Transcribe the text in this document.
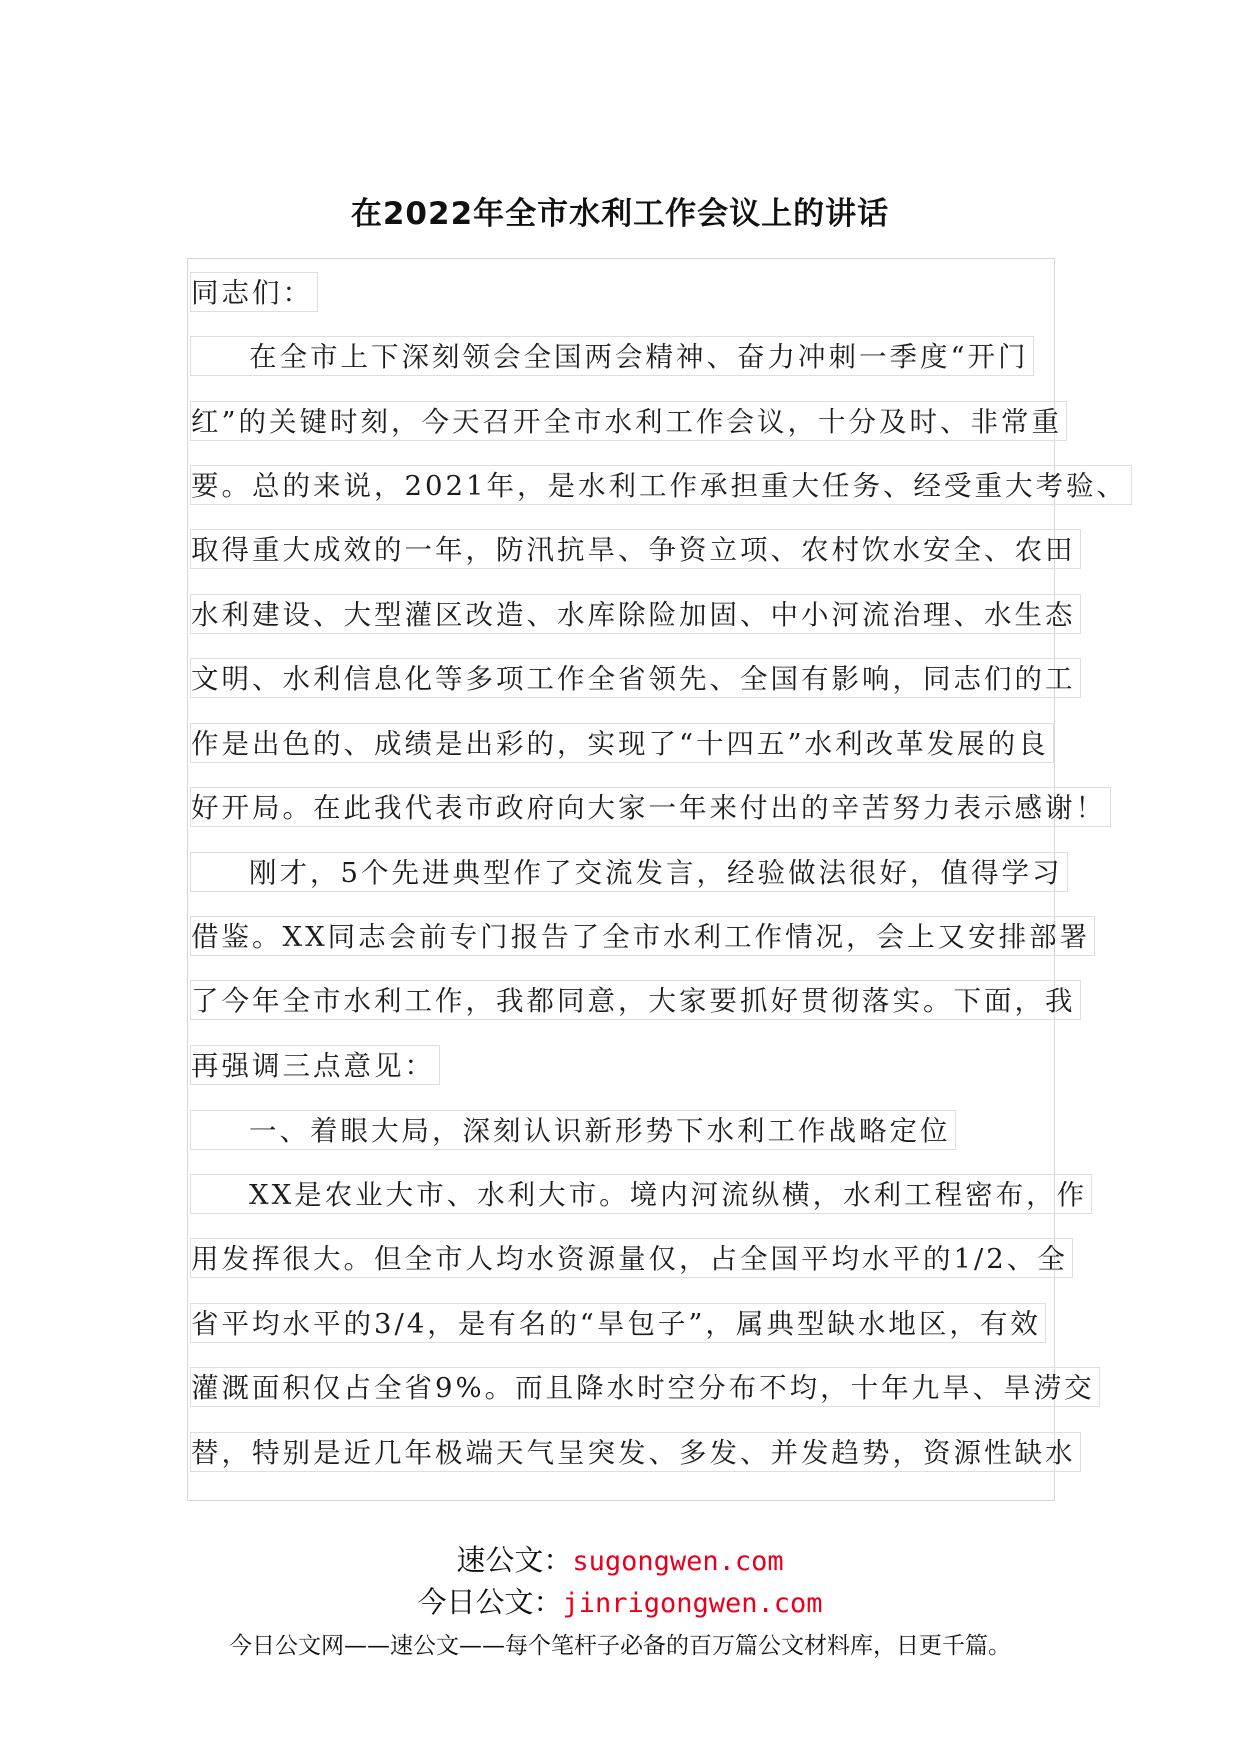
在2022年全市水利工作会议上的讲话
同志们：
在全市上下深刻领会全国两会精神、奋力冲刺一季度“开门
红”的关键时刻，今天召开全市水利工作会议，十分及时、非常重
要。总的来说，2021年，是水利工作承担重大任务、经受重大考验、
取得重大成效的一年，防汛抗旱、争资立项、农村饮水安全、农田
水利建设、大型灌区改造、水库除险加固、中小河流治理、水生态
文明、水利信息化等多项工作全省领先、全国有影响，同志们的工
作是出色的、成绩是出彩的，实现了“十四五”水利改革发展的良
好开局。在此我代表市政府向大家一年来付出的辛苦努力表示感谢！
刚才，5个先进典型作了交流发言，经验做法很好，值得学习
借鉴。XX同志会前专门报告了全市水利工作情况，会上又安排部署
了今年全市水利工作，我都同意，大家要抓好贯彻落实。下面，我
再强调三点意见：
一、着眼大局，深刻认识新形势下水利工作战略定位
XX是农业大市、水利大市。境内河流纵横，水利工程密布，作
用发挥很大。但全市人均水资源量仅，占全国平均水平的1/2、全
省平均水平的3/4，是有名的“旱包子”，属典型缺水地区，有效
灌溉面积仅占全省9%。而且降水时空分布不均，十年九旱、旱涝交
替，特别是近几年极端天气呈突发、多发、并发趋势，资源性缺水
速公文：sugongwen.com
今日公文：jinrigongwen.com
今日公文网——速公文——每个笔杆子必备的百万篇公文材料库，日更千篇。
